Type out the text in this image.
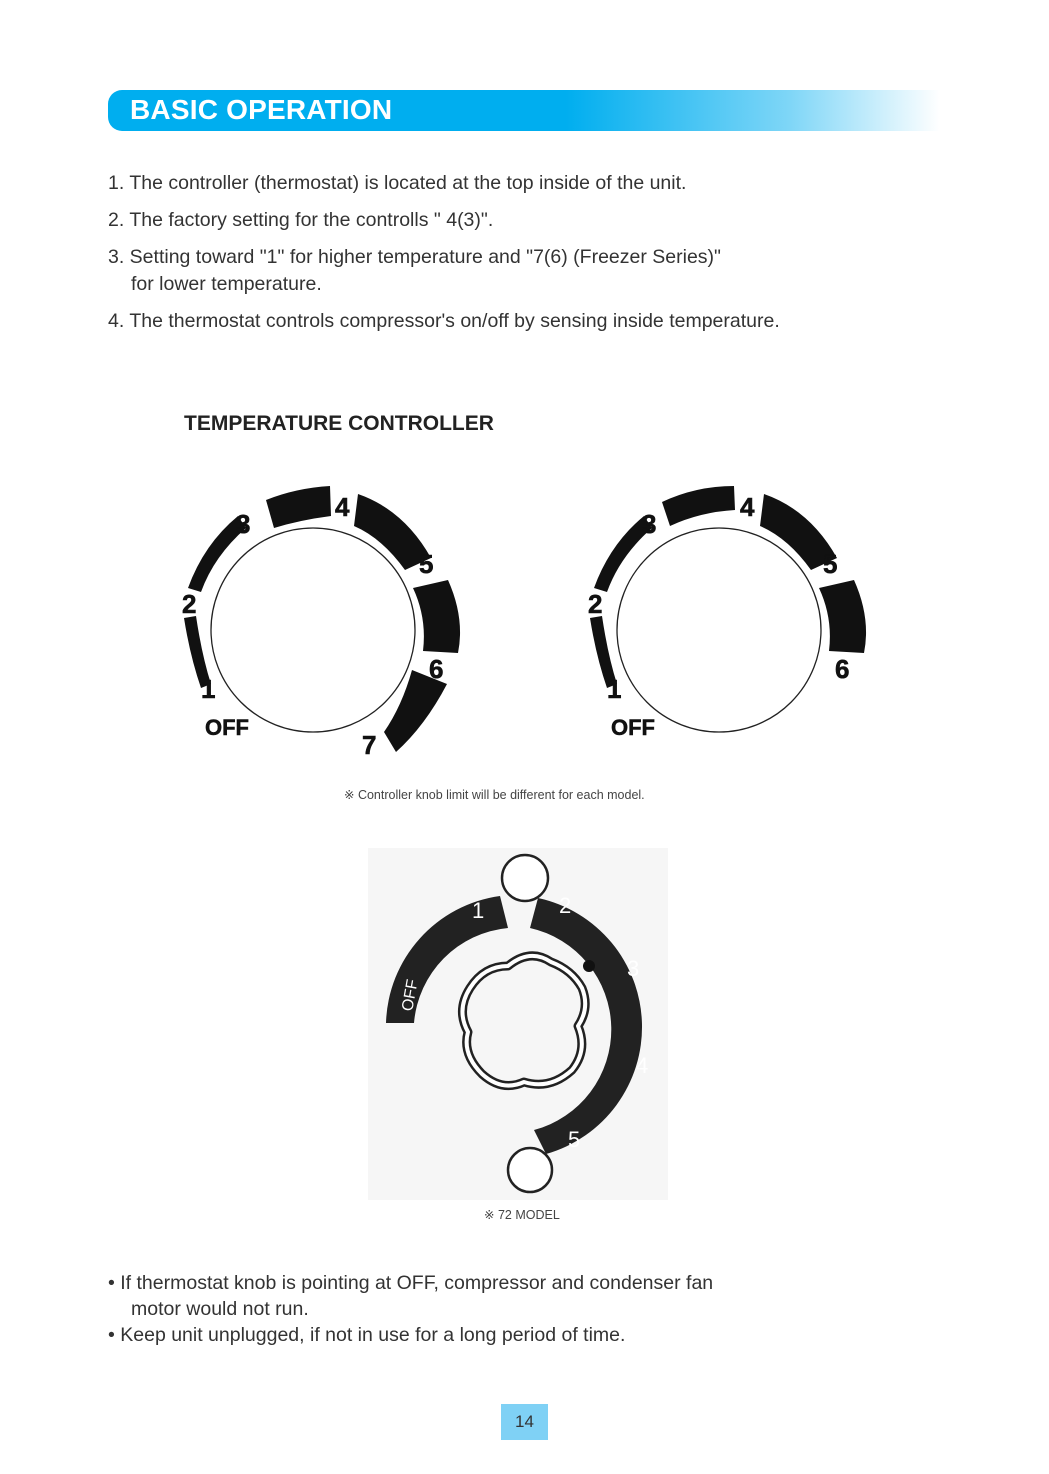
BASIC OPERATION
1. The controller (thermostat) is located at the top inside of the unit.
2. The factory setting for the controlls " 4(3)".
3. Setting toward "1" for higher temperature and "7(6) (Freezer Series)"
for lower temperature.
4. The thermostat controls compressor's on/off by sensing inside temperature.
TEMPERATURE CONTROLLER
1
2
3
4
5
6
7
OFF
1
2
3
4
5
6
OFF
※ Controller knob limit will be different for each model.
1	2
3
4
5
OFF
※ 72 MODEL

• If thermostat knob is pointing at OFF, compressor and condenser fan

motor would not run.

• Keep unit unplugged, if not in use for a long period of time.

14
